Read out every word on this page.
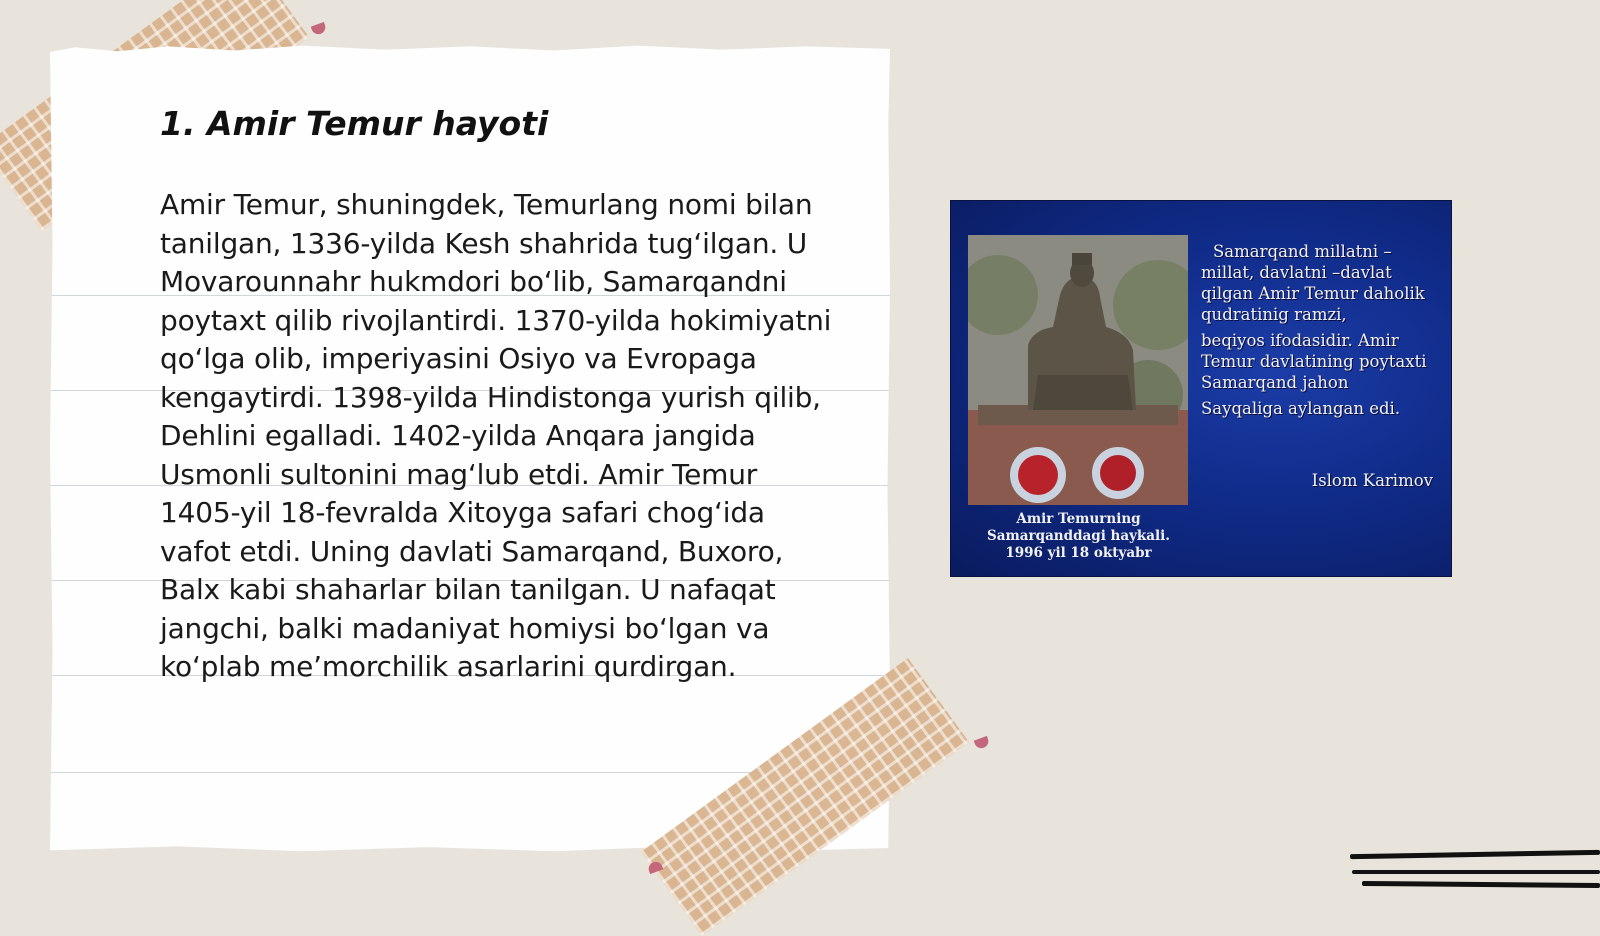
1. Amir Temur hayoti

Amir Temur, shuningdek, Temurlang nomi bilan tanilgan, 1336-yilda Kesh shahrida tug‘ilgan. U Movarounnahr hukmdori bo‘lib, Samarqandni poytaxt qilib rivojlantirdi. 1370-yilda hokimiyatni qo‘lga olib, imperiyasini Osiyo va Evropaga kengaytirdi. 1398-yilda Hindistonga yurish qilib, Dehlini egalladi. 1402-yilda Anqara jangida Usmonli sultonini mag‘lub etdi. Amir Temur 1405-yil 18-fevralda Xitoyga safari chog‘ida vafot etdi. Uning davlati Samarqand, Buxoro, Balx kabi shaharlar bilan tanilgan. U nafaqat jangchi, balki madaniyat homiysi bo‘lgan va ko‘plab me’morchilik asarlarini qurdirgan.

Amir Temurning
Samarqanddagi haykali.
1996 yil 18 oktyabr

Samarqand millatni – millat, davlatni –davlat qilgan Amir Temur daholik qudratinig ramzi,

beqiyos ifodasidir. Amir Temur davlatining poytaxti Samarqand jahon

Sayqaliga aylangan edi.

Islom Karimov
